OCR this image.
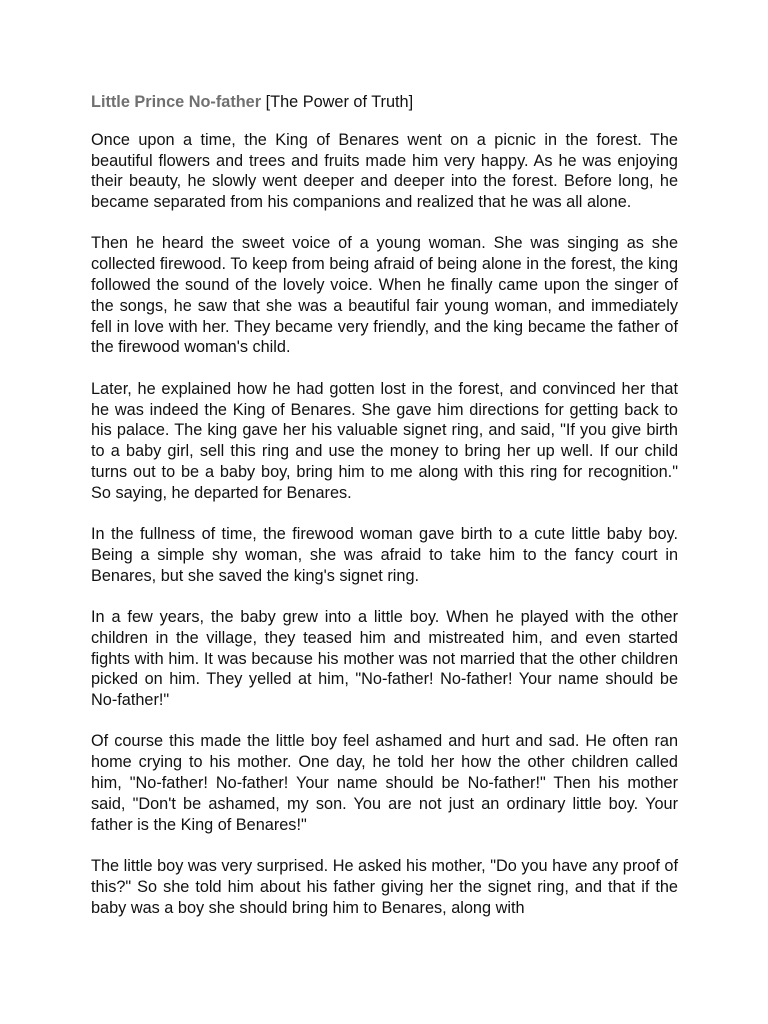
Little Prince No-father [The Power of Truth]

Once upon a time, the King of Benares went on a picnic in the forest. The beautiful flowers and trees and fruits made him very happy. As he was enjoying their beauty, he slowly went deeper and deeper into the forest. Before long, he became separated from his companions and realized that he was all alone.

Then he heard the sweet voice of a young woman. She was singing as she collected firewood. To keep from being afraid of being alone in the forest, the king followed the sound of the lovely voice. When he finally came upon the singer of the songs, he saw that she was a beautiful fair young woman, and immediately fell in love with her. They became very friendly, and the king became the father of the firewood woman's child.

Later, he explained how he had gotten lost in the forest, and convinced her that he was indeed the King of Benares. She gave him directions for getting back to his palace. The king gave her his valuable signet ring, and said, "If you give birth to a baby girl, sell this ring and use the money to bring her up well. If our child turns out to be a baby boy, bring him to me along with this ring for recognition." So saying, he departed for Benares.

In the fullness of time, the firewood woman gave birth to a cute little baby boy. Being a simple shy woman, she was afraid to take him to the fancy court in Benares, but she saved the king's signet ring.

In a few years, the baby grew into a little boy. When he played with the other children in the village, they teased him and mistreated him, and even started fights with him. It was because his mother was not married that the other children picked on him. They yelled at him, "No-father! No-father! Your name should be No-father!"

Of course this made the little boy feel ashamed and hurt and sad. He often ran home crying to his mother. One day, he told her how the other children called him, "No-father! No-father! Your name should be No-father!" Then his mother said, "Don't be ashamed, my son. You are not just an ordinary little boy. Your father is the King of Benares!"

The little boy was very surprised. He asked his mother, "Do you have any proof of this?" So she told him about his father giving her the signet ring, and that if the baby was a boy she should bring him to Benares, along with
